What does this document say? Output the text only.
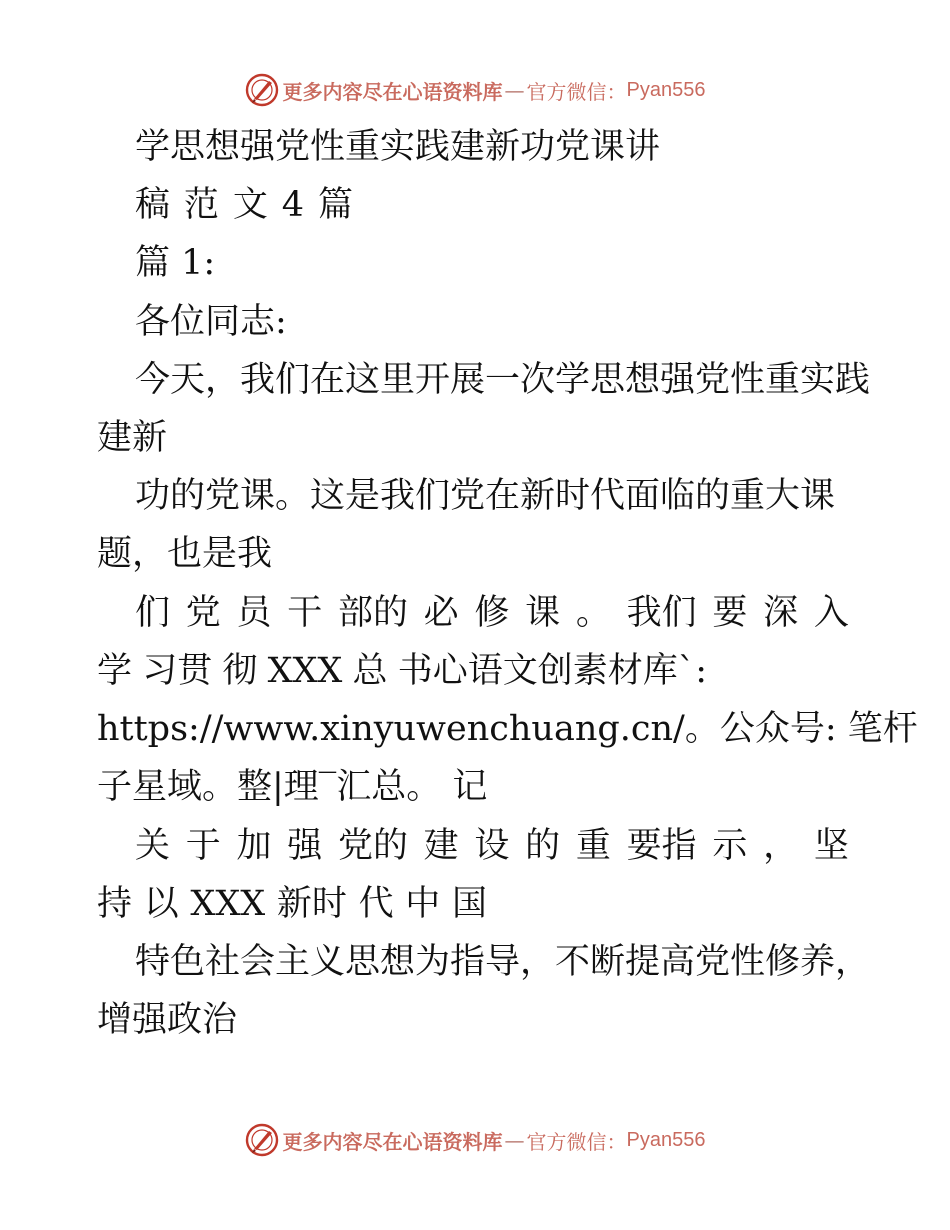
更多内容尽在心语资料库 — 官方微信： Pyan556
学思想强党性重实践建新功党课讲
稿 范 文 4 篇
篇 1:
各位同志:
今天，我们在这里开展一次学思想强党性重实践
建新
功的党课。这是我们党在新时代面临的重大课
题，也是我
们 党 员 干 部的 必 修 课 。 我们 要 深 入
学 习贯 彻 XXX 总 书心语文创素材库`:
https://www.xinyuwenchuang.cn/。公众号: 笔杆
子星域。整|理‾汇总。 记
关 于 加 强 党的 建 设 的 重 要指 示 ， 坚
持 以 XXX 新时 代 中 国
特色社会主义思想为指导，不断提高党性修养，
增强政治
更多内容尽在心语资料库 — 官方微信： Pyan556
